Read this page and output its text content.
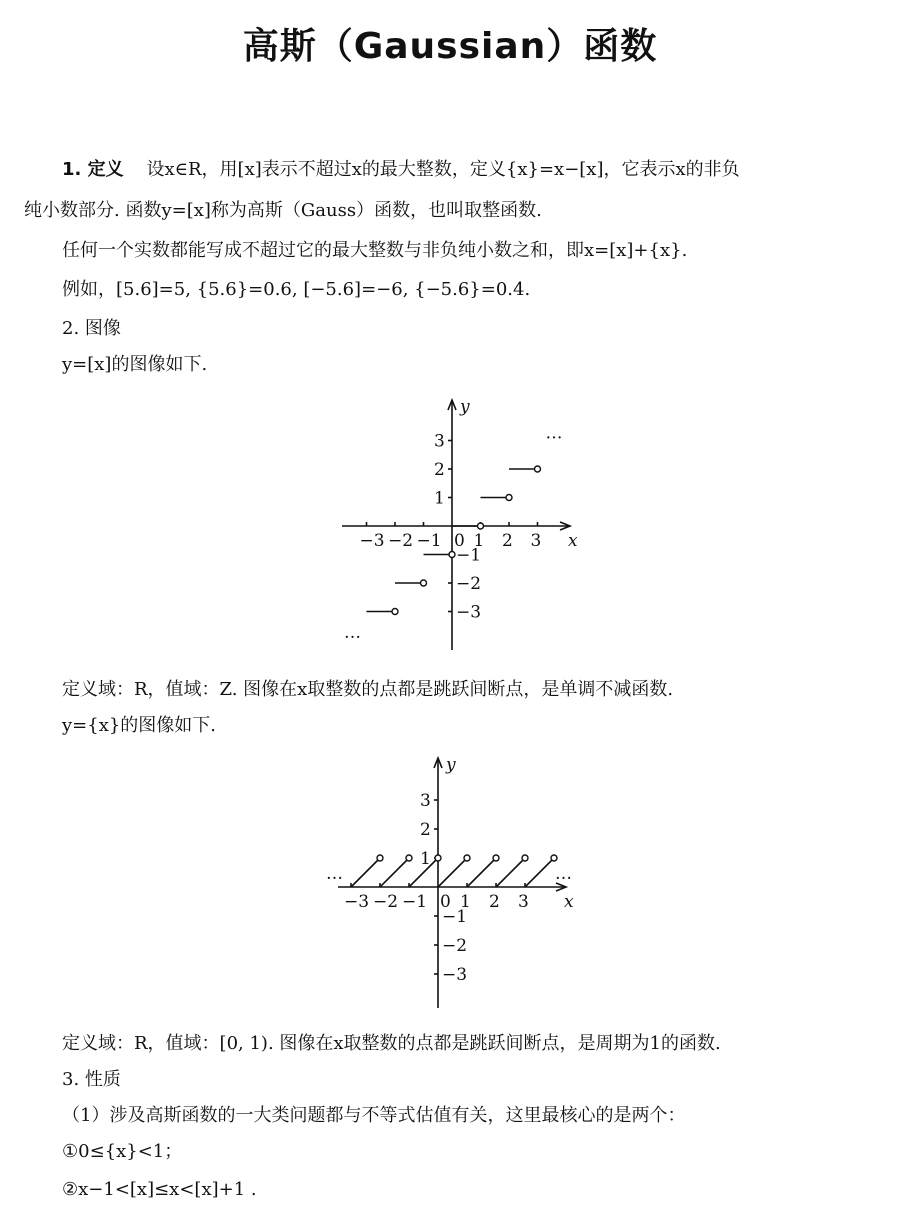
高斯（Gaussian）函数
1. 定义 设x∈R，用[x]表示不超过x的最大整数，定义{x}=x−[x]，它表示x的非负
纯小数部分. 函数y=[x]称为高斯（Gauss）函数，也叫取整函数.
任何一个实数都能写成不超过它的最大整数与非负纯小数之和，即x=[x]+{x}.
例如，[5.6]=5, {5.6}=0.6, [−5.6]=−6, {−5.6}=0.4.
2. 图像
y=[x]的图像如下.
x
y
−3 −2 −1 0 1 2 3
3
2
1
−1
−2
−3
…
…
定义域：R，值域：Z. 图像在x取整数的点都是跳跃间断点，是单调不减函数.
y={x}的图像如下.
x
y
−3 −2 −1 0 1 2 3
3
2
1
−1
−2
−3
…	…
定义域：R，值域：[0, 1). 图像在x取整数的点都是跳跃间断点，是周期为1的函数.
3. 性质
（1）涉及高斯函数的一大类问题都与不等式估值有关，这里最核心的是两个：
①0≤{x}<1；
②x−1<[x]≤x<[x]+1 .
